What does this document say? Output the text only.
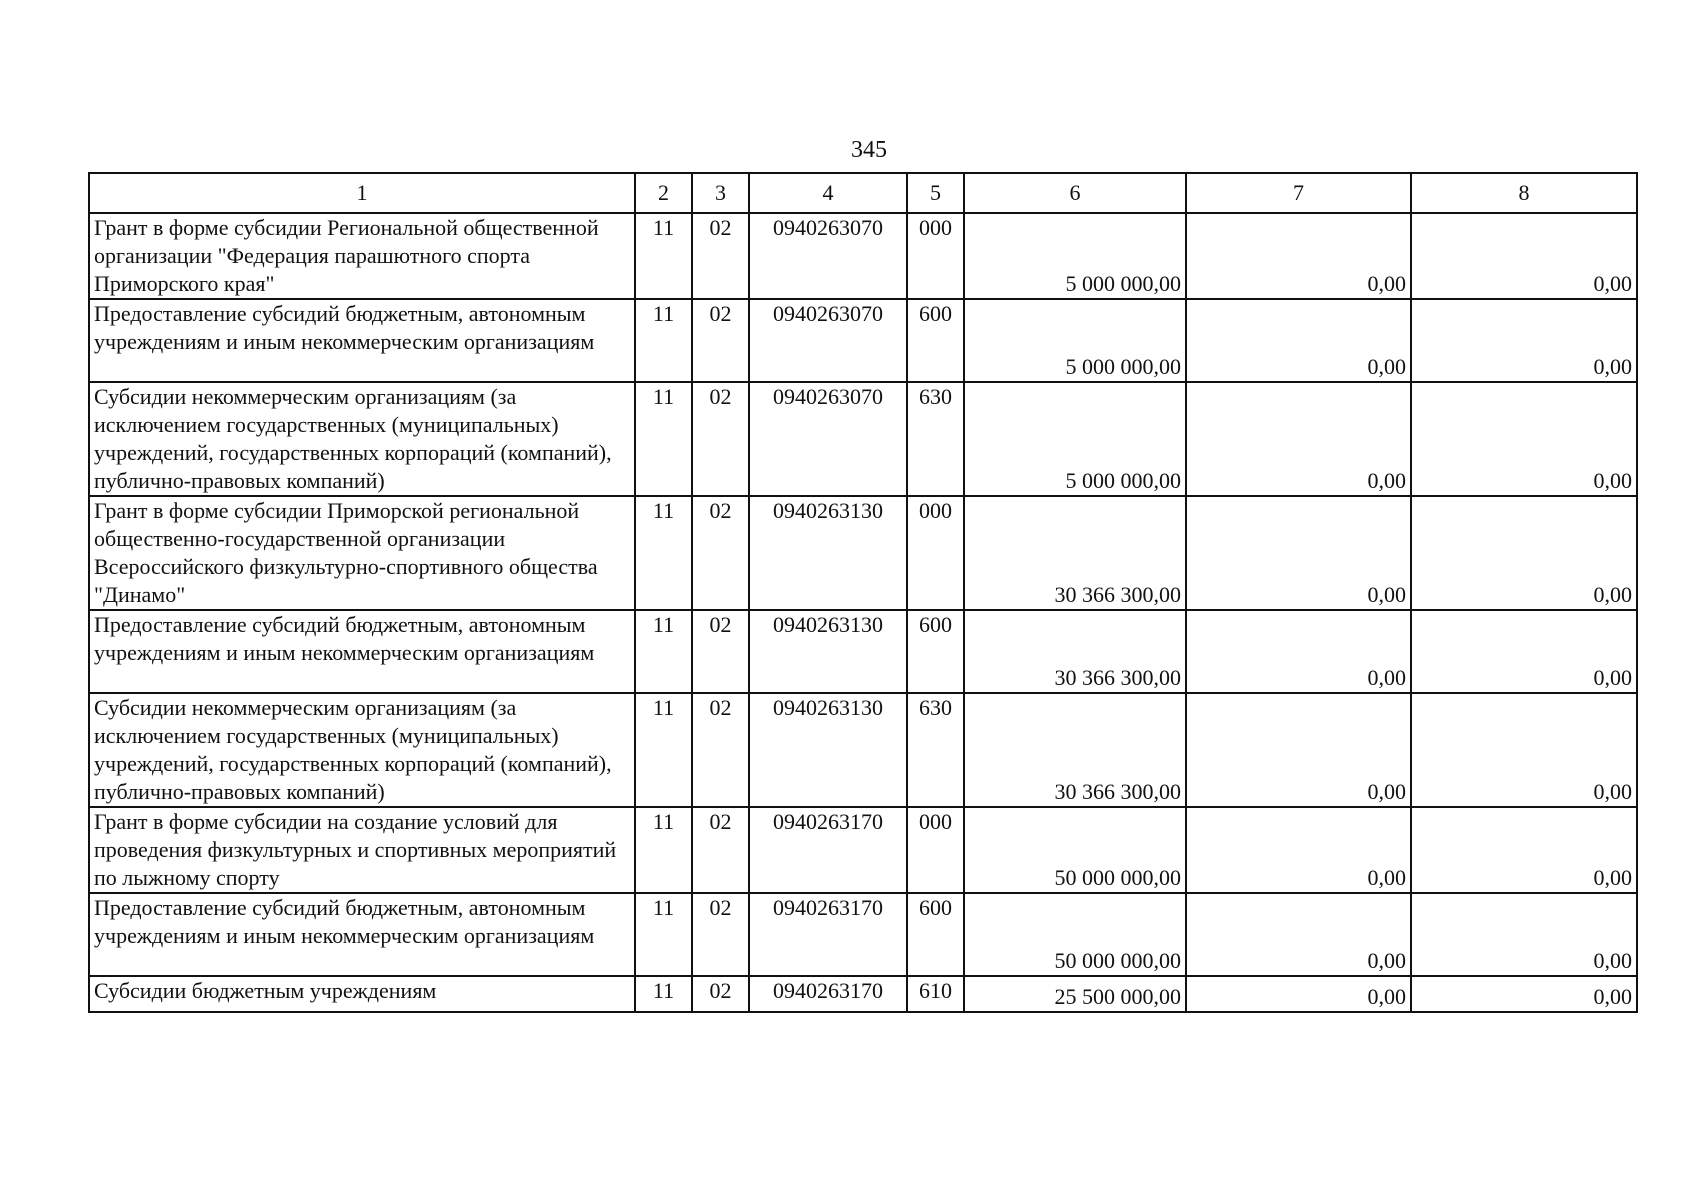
345
1	2	3	4	5	6	7	8
Грант в форме субсидии Региональной общественной организации "Федерация парашютного спорта Приморского края"	11	02	0940263070	000	5 000 000,00	0,00	0,00
Предоставление субсидий бюджетным, автономным учреждениям и иным некоммерческим организациям	11	02	0940263070	600	5 000 000,00	0,00	0,00
Субсидии некоммерческим организациям (за исключением государственных (муниципальных) учреждений, государственных корпораций (компаний), публично-правовых компаний)	11	02	0940263070	630	5 000 000,00	0,00	0,00
Грант в форме субсидии Приморской региональной общественно-государственной организации Всероссийского физкультурно-спортивного общества "Динамо"	11	02	0940263130	000	30 366 300,00	0,00	0,00
Предоставление субсидий бюджетным, автономным учреждениям и иным некоммерческим организациям	11	02	0940263130	600	30 366 300,00	0,00	0,00
Субсидии некоммерческим организациям (за исключением государственных (муниципальных) учреждений, государственных корпораций (компаний), публично-правовых компаний)	11	02	0940263130	630	30 366 300,00	0,00	0,00
Грант в форме субсидии на создание условий для проведения физкультурных и спортивных мероприятий по лыжному спорту	11	02	0940263170	000	50 000 000,00	0,00	0,00
Предоставление субсидий бюджетным, автономным учреждениям и иным некоммерческим организациям	11	02	0940263170	600	50 000 000,00	0,00	0,00
Субсидии бюджетным учреждениям	11	02	0940263170	610	25 500 000,00	0,00	0,00
